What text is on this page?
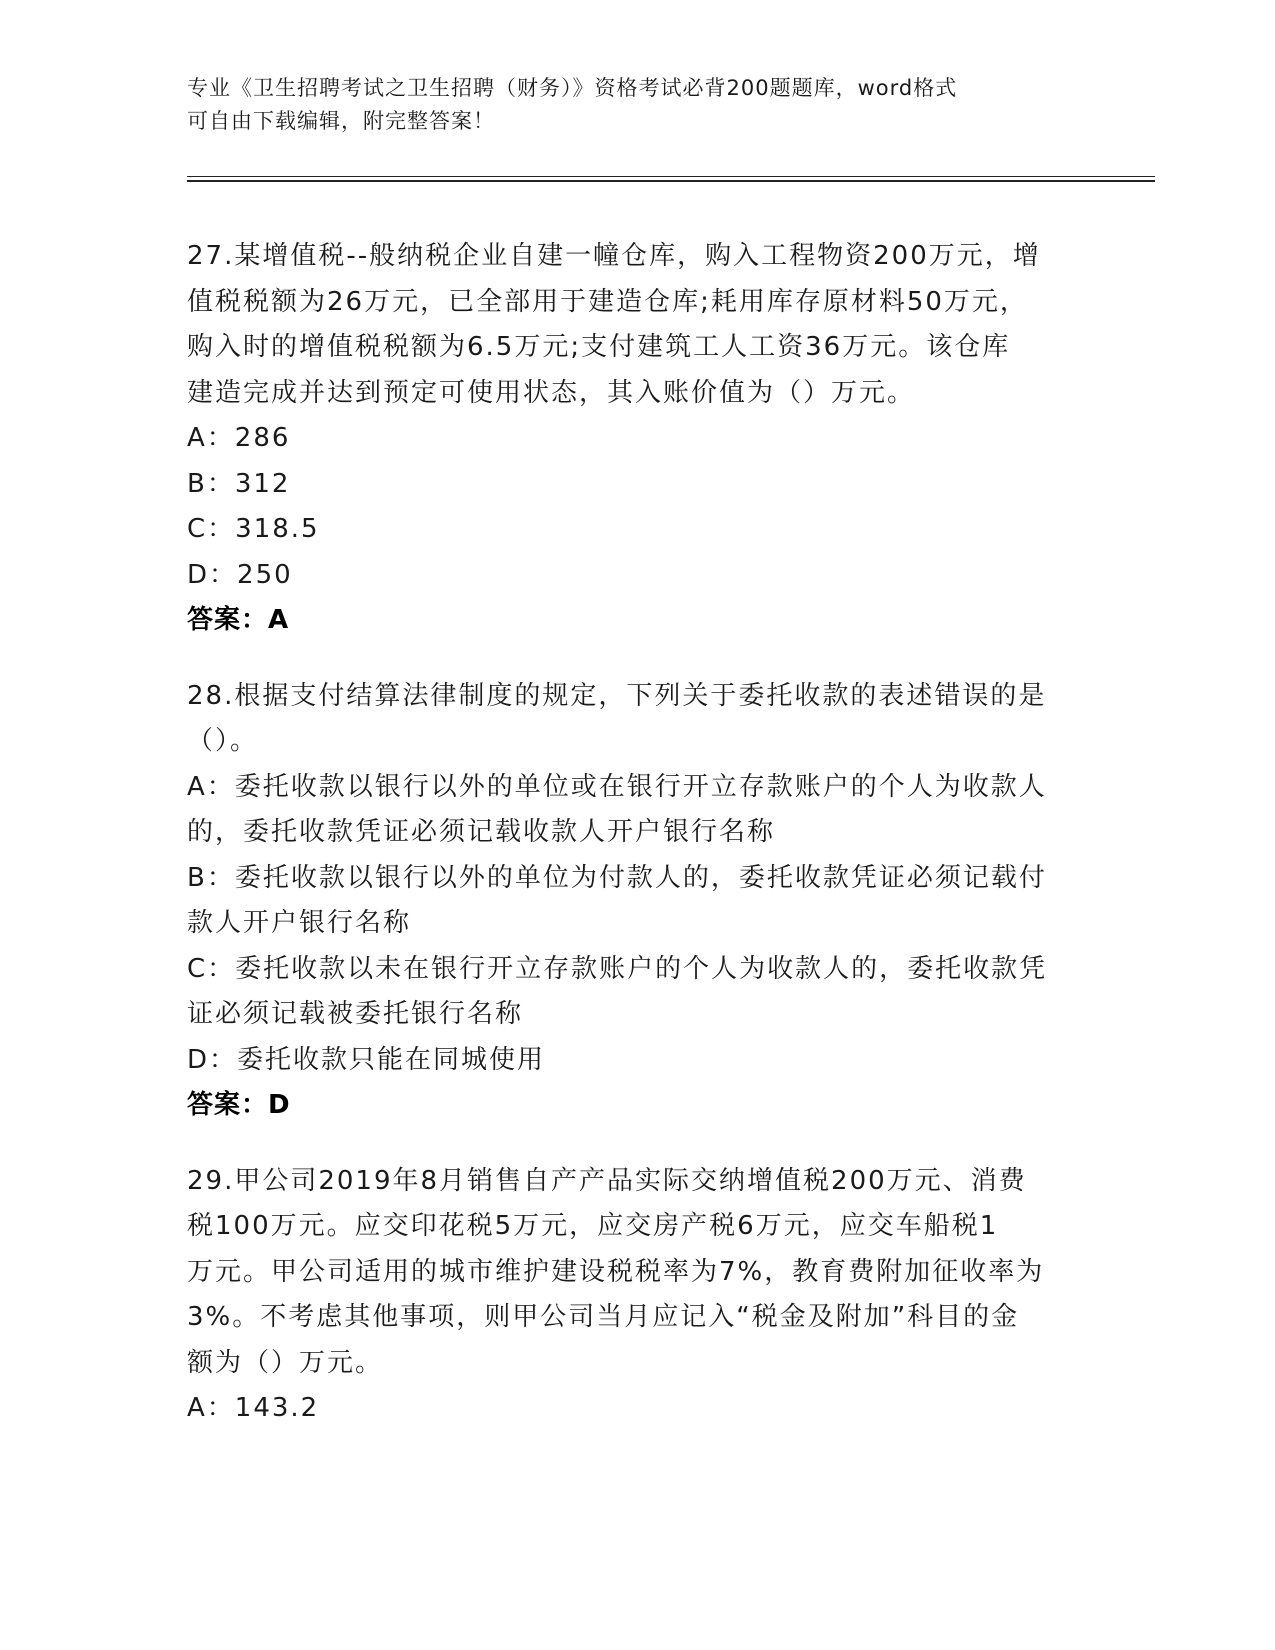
专业《卫生招聘考试之卫生招聘（财务）》资格考试必背200题题库，word格式
可自由下载编辑，附完整答案！
27.某增值税--般纳税企业自建一幢仓库，购入工程物资200万元，增
值税税额为26万元，已全部用于建造仓库;耗用库存原材料50万元，
购入时的增值税税额为6.5万元;支付建筑工人工资36万元。该仓库
建造完成并达到预定可使用状态，其入账价值为（）万元。
A：286
B：312
C：318.5
D：250
答案：A
28.根据支付结算法律制度的规定，下列关于委托收款的表述错误的是
（）。
A：委托收款以银行以外的单位或在银行开立存款账户的个人为收款人
的，委托收款凭证必须记载收款人开户银行名称
B：委托收款以银行以外的单位为付款人的，委托收款凭证必须记载付
款人开户银行名称
C：委托收款以未在银行开立存款账户的个人为收款人的，委托收款凭
证必须记载被委托银行名称
D：委托收款只能在同城使用
答案：D
29.甲公司2019年8月销售自产产品实际交纳增值税200万元、消费
税100万元。应交印花税5万元，应交房产税6万元，应交车船税1
万元。甲公司适用的城市维护建设税税率为7%，教育费附加征收率为
3%。不考虑其他事项，则甲公司当月应记入“税金及附加”科目的金
额为（）万元。
A：143.2
